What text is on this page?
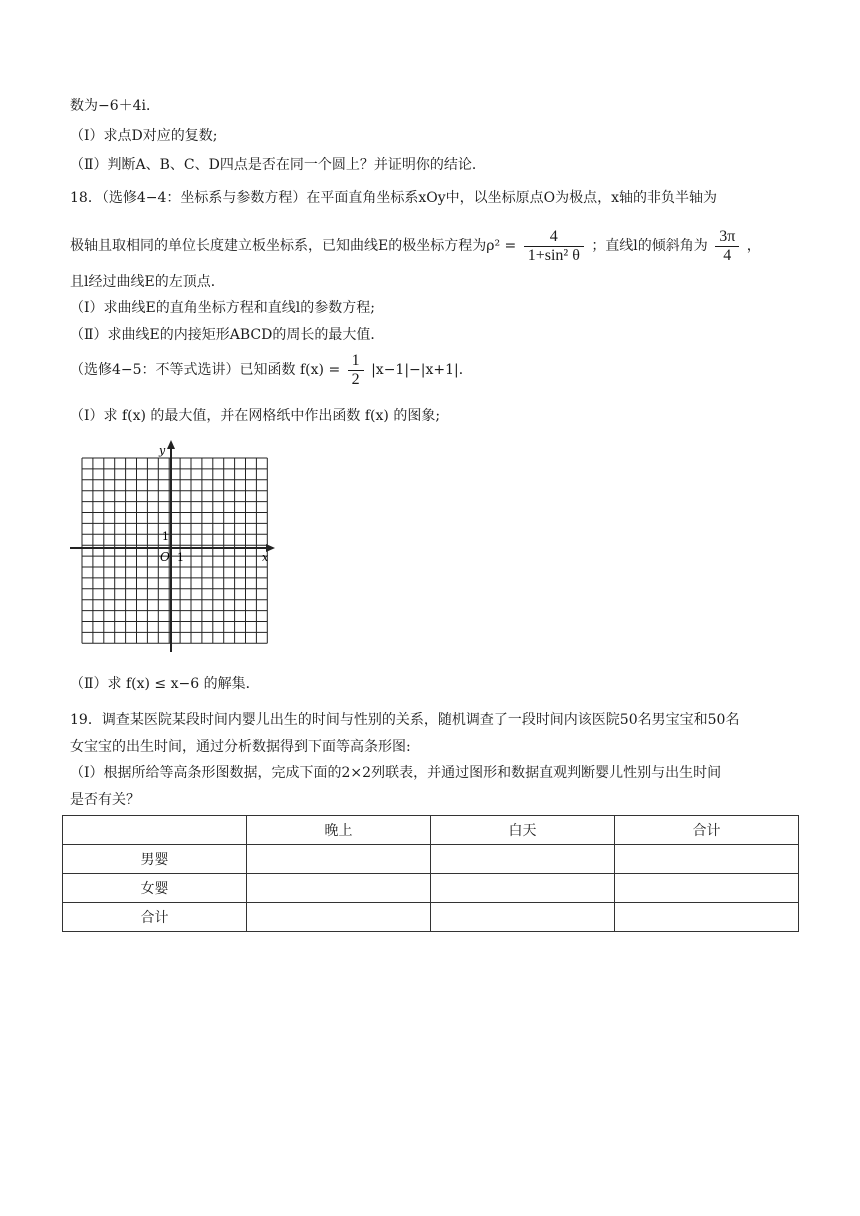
数为−6＋4i．
（Ⅰ）求点D对应的复数;
（Ⅱ）判断A、B、C、D四点是否在同一个圆上？并证明你的结论．
18．（选修4−4：坐标系与参数方程）在平面直角坐标系xOy中，以坐标原点O为极点，x轴的非负半轴为
极轴且取相同的单位长度建立板坐标系，已知曲线E的极坐标方程为$\rho^2 = \frac{4}{\text{1+sin² θ}}$ ；直线l的倾斜角为 $\frac{3\pi}{4}$ ，
且l经过曲线E的左顶点．
（Ⅰ）求曲线E的直角坐标方程和直线l的参数方程;
（Ⅱ）求曲线E的内接矩形ABCD的周长的最大值．
（选修4−5：不等式选讲）已知函数 $f(x) = \frac{1}{2} |x-1|-|x+1|$．
（Ⅰ）求 f(x) 的最大值，并在网格纸中作出函数 f(x) 的图象;
y
x
O
1
1
（Ⅱ）求 f(x) ≤ x−6 的解集．
19．调查某医院某段时间内婴儿出生的时间与性别的关系，随机调查了一段时间内该医院50名男宝宝和50名
女宝宝的出生时间，通过分析数据得到下面等高条形图:
（Ⅰ）根据所给等高条形图数据，完成下面的2×2列联表，并通过图形和数据直观判断婴儿性别与出生时间
是否有关？
	晚上	白天	合计
男婴			
女婴			
合计			
